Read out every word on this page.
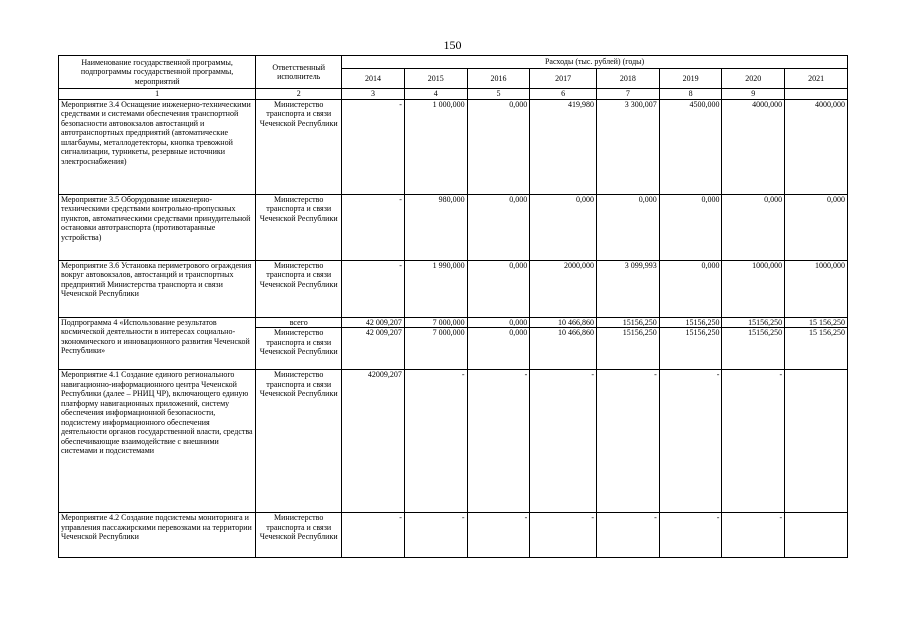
150
Наименование государственной программы, подпрограммы государственной программы, мероприятий	Ответственный исполнитель	Расходы (тыс. рублей) (годы)							
		2014	2015	2016	2017	2018	2019	2020	2021
1	2	3	4	5	6	7	8	9	
Мероприятие 3.4 Оснащение инженерно-техническими средствами и системами обеспечения транспортной безопасности автовокзалов автостанций и автотранспортных предприятий (автоматические шлагбаумы, металлодетекторы, кнопка тревожной сигнализации, турникеты, резервные источники электроснабжения)	Министерство транспорта и связи Чеченской Республики	-	1 000,000	0,000	419,980	3 300,007	4500,000	4000,000	4000,000
Мероприятие 3.5 Оборудование инженерно-техническими средствами контрольно-пропускных пунктов, автоматическими средствами принудительной остановки автотранспорта (противотаранные устройства)	Министерство транспорта и связи Чеченской Республики	-	980,000	0,000	0,000	0,000	0,000	0,000	0,000
Мероприятие 3.6 Установка периметрового ограждения вокруг автовокзалов, автостанций и транспортных предприятий Министерства транспорта и связи Чеченской Республики	Министерство транспорта и связи Чеченской Республики	-	1 990,000	0,000	2000,000	3 099,993	0,000	1000,000	1000,000
Подпрограмма 4 «Использование результатов космической деятельности в интересах социально-экономического и инновационного развития Чеченской Республики»	всего	42 009,207	7 000,000	0,000	10 466,860	15156,250	15156,250	15156,250	15 156,250
	Министерство транспорта и связи Чеченской Республики	42 009,207	7 000,000	0,000	10 466,860	15156,250	15156,250	15156,250	15 156,250
Мероприятие 4.1 Создание единого регионального навигационно-информационного центра Чеченской Республики (далее – РНИЦ ЧР), включающего единую платформу навигационных приложений, систему обеспечения информационной безопасности, подсистему информационного обеспечения деятельности органов государственной власти, средства обеспечивающие взаимодействие с внешними системами и подсистемами	Министерство транспорта и связи Чеченской Республики	42009,207	-	-	-	-	-	-	
Мероприятие 4.2 Создание подсистемы мониторинга и управления пассажирскими перевозками на территории Чеченской Республики	Министерство транспорта и связи Чеченской Республики	-	-	-	-	-	-	-	
